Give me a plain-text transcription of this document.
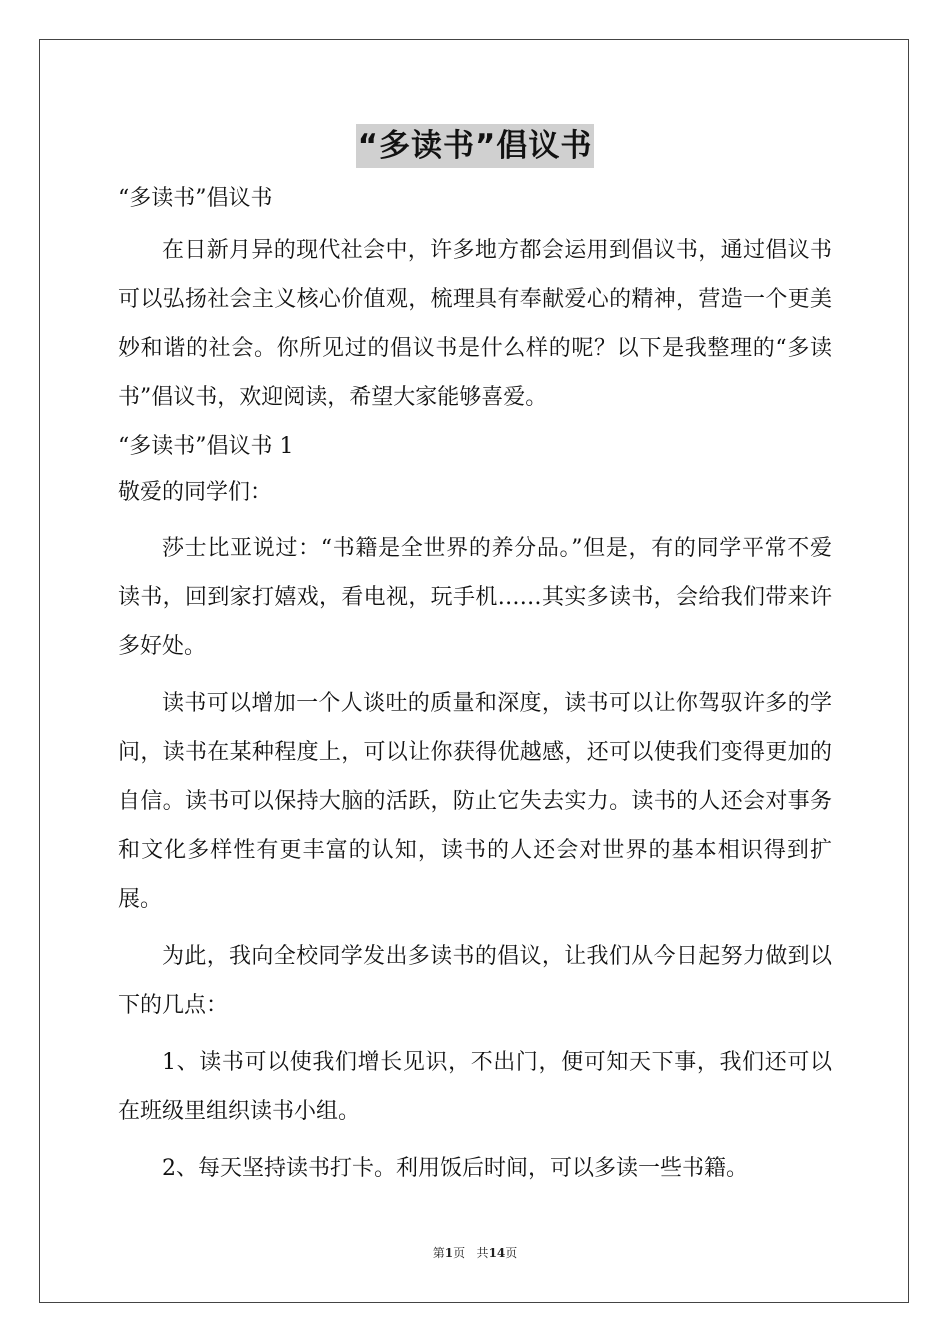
“多读书”倡议书

“多读书”倡议书

在日新月异的现代社会中，许多地方都会运用到倡议书，通过倡议书可以弘扬社会主义核心价值观，梳理具有奉献爱心的精神，营造一个更美妙和谐的社会。你所见过的倡议书是什么样的呢？以下是我整理的“多读书”倡议书，欢迎阅读，希望大家能够喜爱。

“多读书”倡议书 1

敬爱的同学们：

莎士比亚说过：“书籍是全世界的养分品。”但是，有的同学平常不爱读书，回到家打嬉戏，看电视，玩手机……其实多读书，会给我们带来许多好处。

读书可以增加一个人谈吐的质量和深度，读书可以让你驾驭许多的学问，读书在某种程度上，可以让你获得优越感，还可以使我们变得更加的自信。读书可以保持大脑的活跃，防止它失去实力。读书的人还会对事务和文化多样性有更丰富的认知，读书的人还会对世界的基本相识得到扩展。

为此，我向全校同学发出多读书的倡议，让我们从今日起努力做到以下的几点：

1、读书可以使我们增长见识，不出门，便可知天下事，我们还可以在班级里组织读书小组。

2、每天坚持读书打卡。利用饭后时间，可以多读一些书籍。

第1页 共14页
